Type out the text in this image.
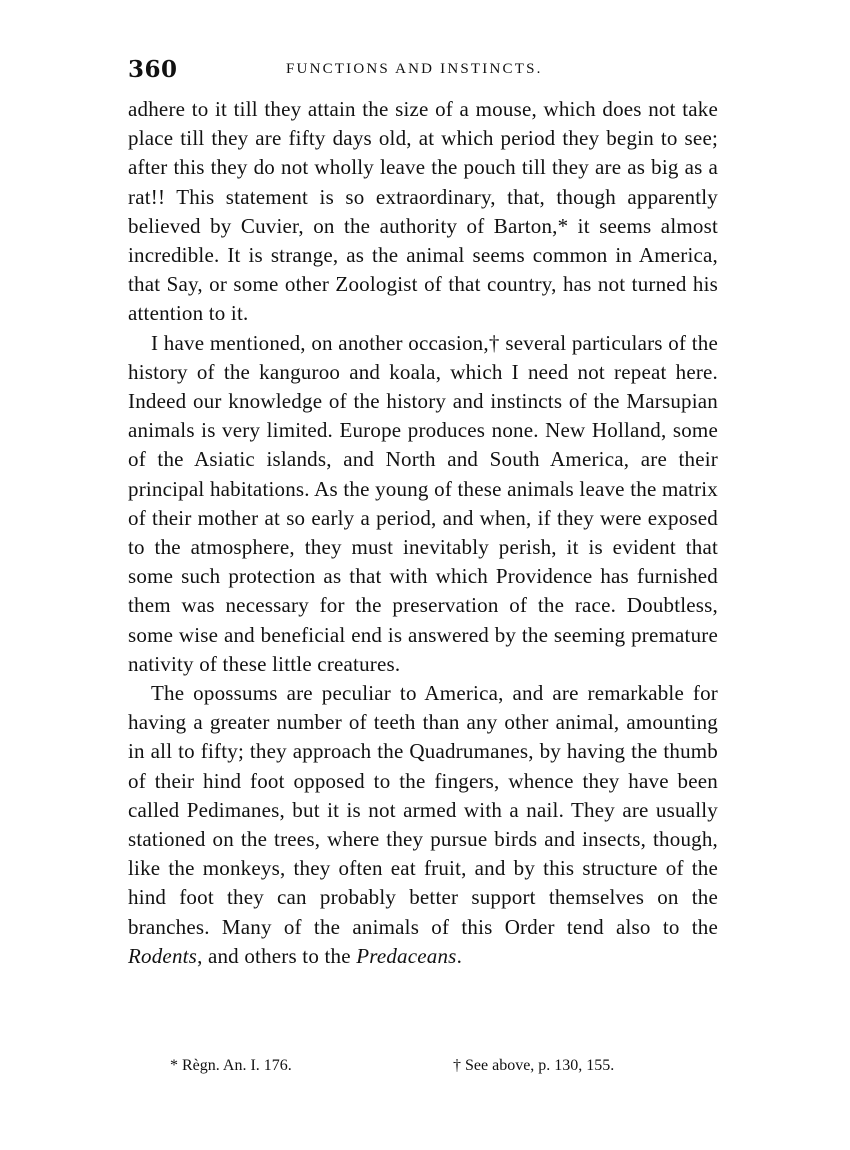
360	FUNCTIONS AND INSTINCTS.

adhere to it till they attain the size of a mouse, which does not take place till they are fifty days old, at which period they begin to see; after this they do not wholly leave the pouch till they are as big as a rat!! This statement is so extraordinary, that, though apparently believed by Cuvier, on the authority of Barton,* it seems almost incredible. It is strange, as the animal seems common in America, that Say, or some other Zoologist of that country, has not turned his attention to it.

I have mentioned, on another occasion,† several particulars of the history of the kanguroo and koala, which I need not repeat here. Indeed our knowledge of the history and instincts of the Marsupian animals is very limited. Europe produces none. New Holland, some of the Asiatic islands, and North and South America, are their principal habitations. As the young of these animals leave the matrix of their mother at so early a period, and when, if they were exposed to the atmosphere, they must inevitably perish, it is evident that some such protection as that with which Providence has furnished them was necessary for the preservation of the race. Doubtless, some wise and beneficial end is answered by the seeming premature nativity of these little creatures.

The opossums are peculiar to America, and are remarkable for having a greater number of teeth than any other animal, amounting in all to fifty; they approach the Quadrumanes, by having the thumb of their hind foot opposed to the fingers, whence they have been called Pedimanes, but it is not armed with a nail. They are usually stationed on the trees, where they pursue birds and insects, though, like the monkeys, they often eat fruit, and by this structure of the hind foot they can probably better support themselves on the branches. Many of the animals of this Order tend also to the Rodents, and others to the Predaceans.

* Règn. An. I. 176.	† See above, p. 130, 155.
